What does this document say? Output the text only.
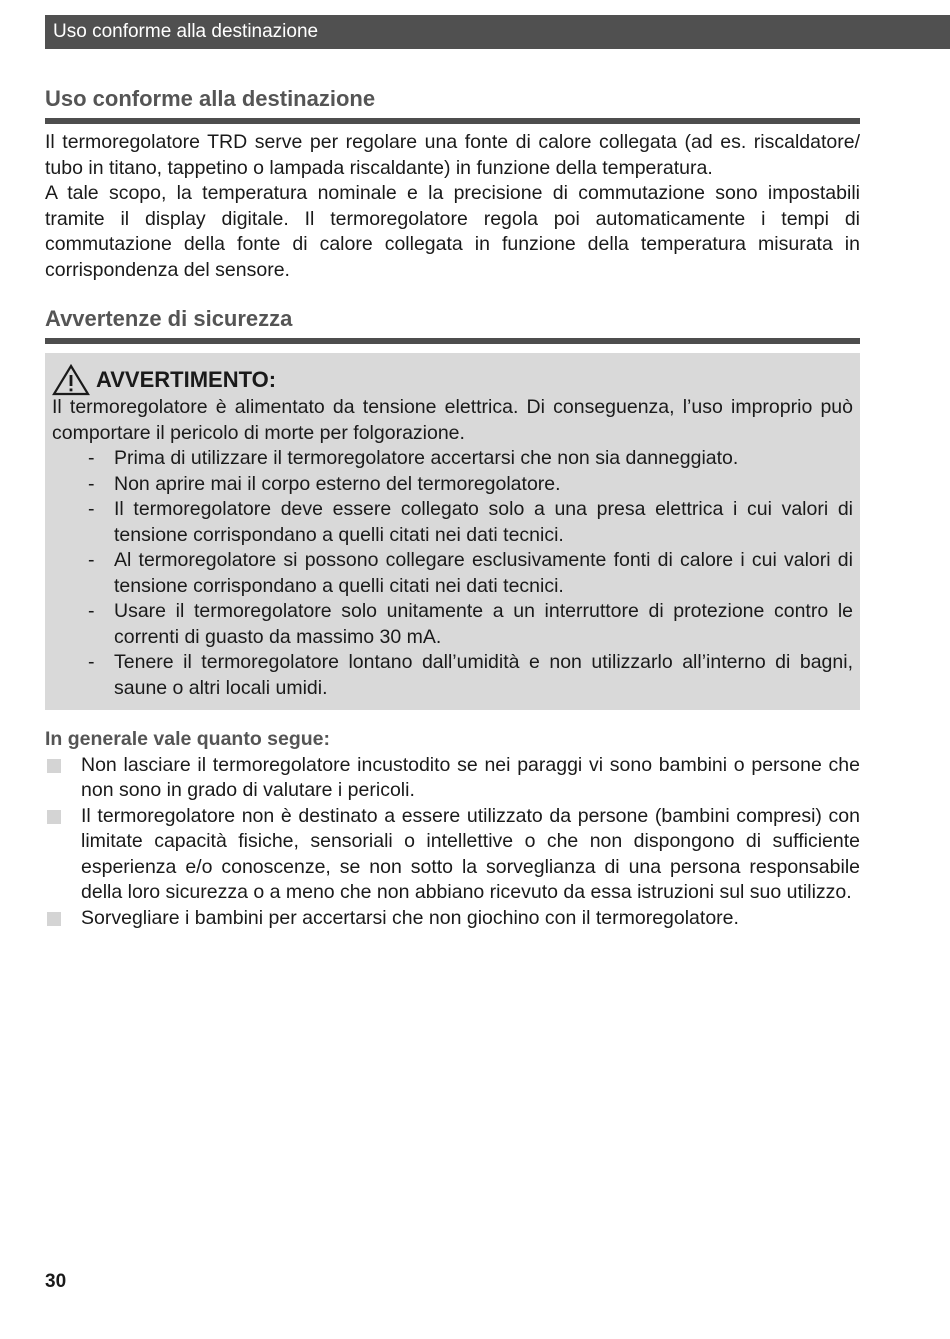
Uso conforme alla destinazione
Uso conforme alla destinazione

Il termoregolatore TRD serve per regolare una fonte di calore collegata (ad es. riscaldatore/ tubo in titano, tappetino o lampada riscaldante) in funzione della temperatura.

A tale scopo, la temperatura nominale e la precisione di commutazione sono impostabili tramite il display digitale. Il termoregolatore regola poi automaticamente i tempi di commutazione della fonte di calore collegata in funzione della temperatura misurata in corrispondenza del sensore.

Avvertenze di sicurezza
AVVERTIMENTO:

Il termoregolatore è alimentato da tensione elettrica. Di conseguenza, l’uso improprio può comportare il pericolo di morte per folgorazione.

- Prima di utilizzare il termoregolatore accertarsi che non sia danneggiato.
- Non aprire mai il corpo esterno del termoregolatore.
- Il termoregolatore deve essere collegato solo a una presa elettrica i cui valori di tensione corrispondano a quelli citati nei dati tecnici.
- Al termoregolatore si possono collegare esclusivamente fonti di calore i cui valori di tensione corrispondano a quelli citati nei dati tecnici.
- Usare il termoregolatore solo unitamente a un interruttore di protezione contro le correnti di guasto da massimo 30 mA.
- Tenere il termoregolatore lontano dall’umidità e non utilizzarlo all’interno di bagni, saune o altri locali umidi.

In generale vale quanto segue:

Non lasciare il termoregolatore incustodito se nei paraggi vi sono bambini o persone che non sono in grado di valutare i pericoli.
Il termoregolatore non è destinato a essere utilizzato da persone (bambini compresi) con limitate capacità fisiche, sensoriali o intellettive o che non dispongono di sufficiente esperienza e/o conoscenze, se non sotto la sorveglianza di una persona responsabile della loro sicurezza o a meno che non abbiano ricevuto da essa istruzioni sul suo utilizzo.
Sorvegliare i bambini per accertarsi che non giochino con il termoregolatore.
30
